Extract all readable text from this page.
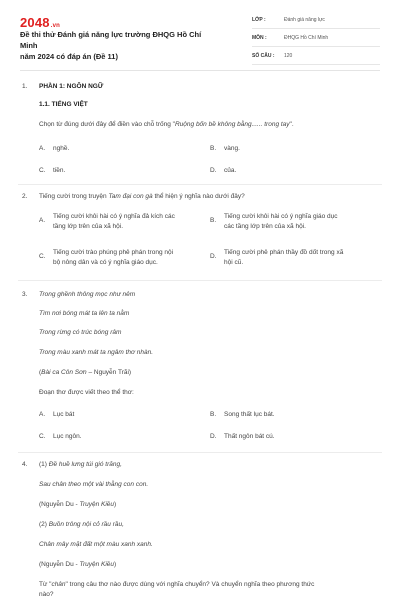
2048.vn
Đề thi thử Đánh giá năng lực trường ĐHQG Hồ Chí Minh
năm 2024 có đáp án (Đề 11)
LỚP :	Đánh giá năng lực
MÔN :	ĐHQG Hồ Chí Minh
SỐ CÂU : 120
1. PHẦN 1: NGÔN NGỮ
1.1. TIẾNG VIỆT
Chọn từ đúng dưới đây để điền vào chỗ trống "Ruộng bốn bề không bằng...... trong tay".
A. nghề.	B. vàng.
C. tiền.	D. của.
2. Tiếng cười trong truyện Tam đại con gà thể hiện ý nghĩa nào dưới đây?
A.
Tiếng cười khôi hài có ý nghĩa đả kích các
tầng lớp trên của xã hội.
B.
Tiếng cười khôi hài có ý nghĩa giáo dục
các tầng lớp trên của xã hội.
C.
Tiếng cười trào phúng phê phán trong nội
bộ nông dân và có ý nghĩa giáo dục.
D.
Tiếng cười phê phán thầy đồ dốt trong xã
hội cũ.
3. Trong ghềnh thông mọc như nêm
Tìm nơi bóng mát ta lên ta nằm
Trong rừng có trúc bóng râm
Trong màu xanh mát ta ngâm thơ nhàn.
(Bài ca Côn Sơn – Nguyễn Trãi)
Đoạn thơ được viết theo thể thơ:
A. Lục bát	B. Song thất lục bát.
C. Lục ngôn.	D. Thất ngôn bát cú.
4. (1) Đề huề lưng túi gió trăng,
Sau chân theo một vài thằng con con.
(Nguyễn Du - Truyện Kiều)
(2) Buồn trông nội cỏ rầu rầu,
Chân mây mặt đất một màu xanh xanh.
(Nguyễn Du - Truyện Kiều)
Từ "chân" trong câu thơ nào được dùng với nghĩa chuyển? Và chuyển nghĩa theo phương thức
nào?
